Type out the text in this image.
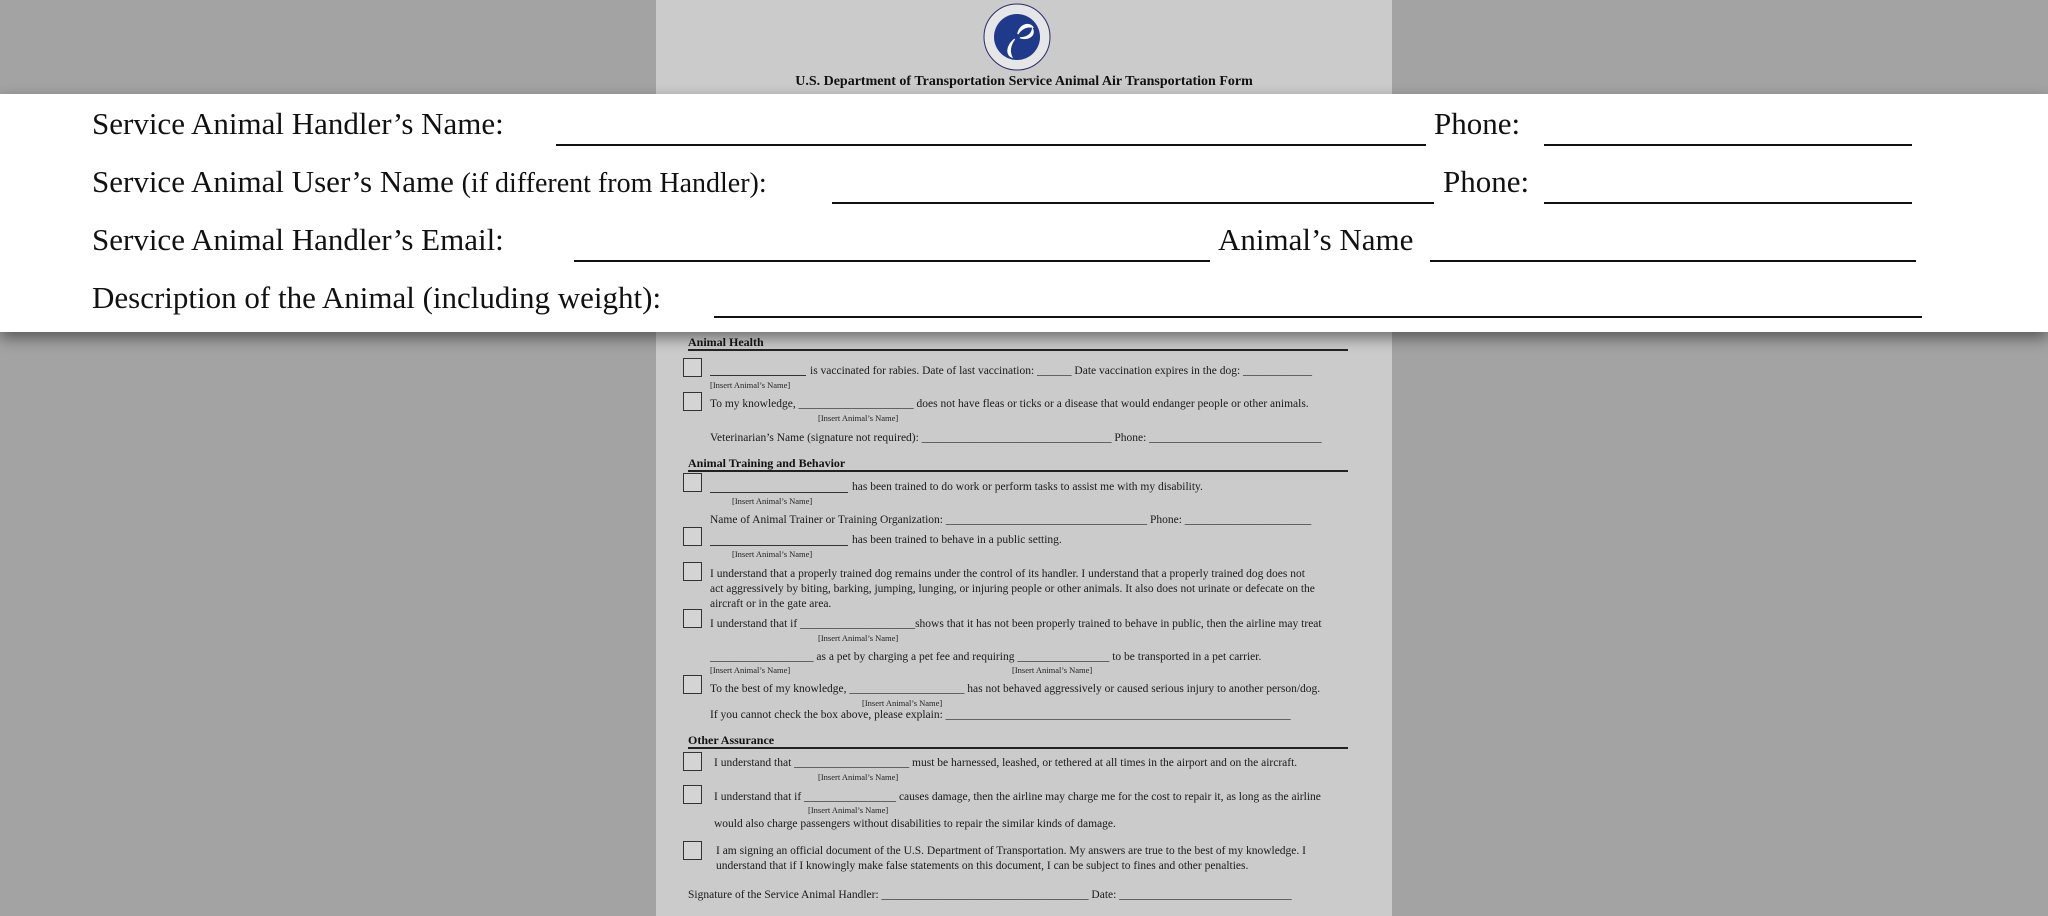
U.S. Department of Transportation Service Animal Air Transportation Form
Service Animal Handler’s Name:	Phone:
Service Animal User’s Name (if different from Handler):	Phone:
Service Animal Handler’s Email:	Animal’s Name
Description of the Animal (including weight):
Animal Health
is vaccinated for rabies. Date of last vaccination: ______ Date vaccination expires in the dog: ____________
[Insert Animal’s Name]
To my knowledge, ____________________ does not have fleas or ticks or a disease that would endanger people or other animals.
[Insert Animal’s Name]
Veterinarian’s Name (signature not required): _________________________________ Phone: ______________________________
Animal Training and Behavior
has been trained to do work or perform tasks to assist me with my disability.
[Insert Animal’s Name]
Name of Animal Trainer or Training Organization: ___________________________________ Phone: ______________________
has been trained to behave in a public setting.
[Insert Animal’s Name]
I understand that a properly trained dog remains under the control of its handler. I understand that a properly trained dog does not
act aggressively by biting, barking, jumping, lunging, or injuring people or other animals. It also does not urinate or defecate on the
aircraft or in the gate area.
I understand that if ____________________shows that it has not been properly trained to behave in public, then the airline may treat
[Insert Animal’s Name]
__________________ as a pet by charging a pet fee and requiring ________________ to be transported in a pet carrier.
[Insert Animal’s Name]	[Insert Animal’s Name]
To the best of my knowledge, ____________________ has not behaved aggressively or caused serious injury to another person/dog.
[Insert Animal’s Name]
If you cannot check the box above, please explain: ____________________________________________________________
Other Assurance
I understand that ____________________ must be harnessed, leashed, or tethered at all times in the airport and on the aircraft.
[Insert Animal’s Name]
I understand that if ________________ causes damage, then the airline may charge me for the cost to repair it, as long as the airline
[Insert Animal’s Name]
would also charge passengers without disabilities to repair the similar kinds of damage.
I am signing an official document of the U.S. Department of Transportation. My answers are true to the best of my knowledge. I
understand that if I knowingly make false statements on this document, I can be subject to fines and other penalties.
Signature of the Service Animal Handler: ____________________________________ Date: ______________________________
